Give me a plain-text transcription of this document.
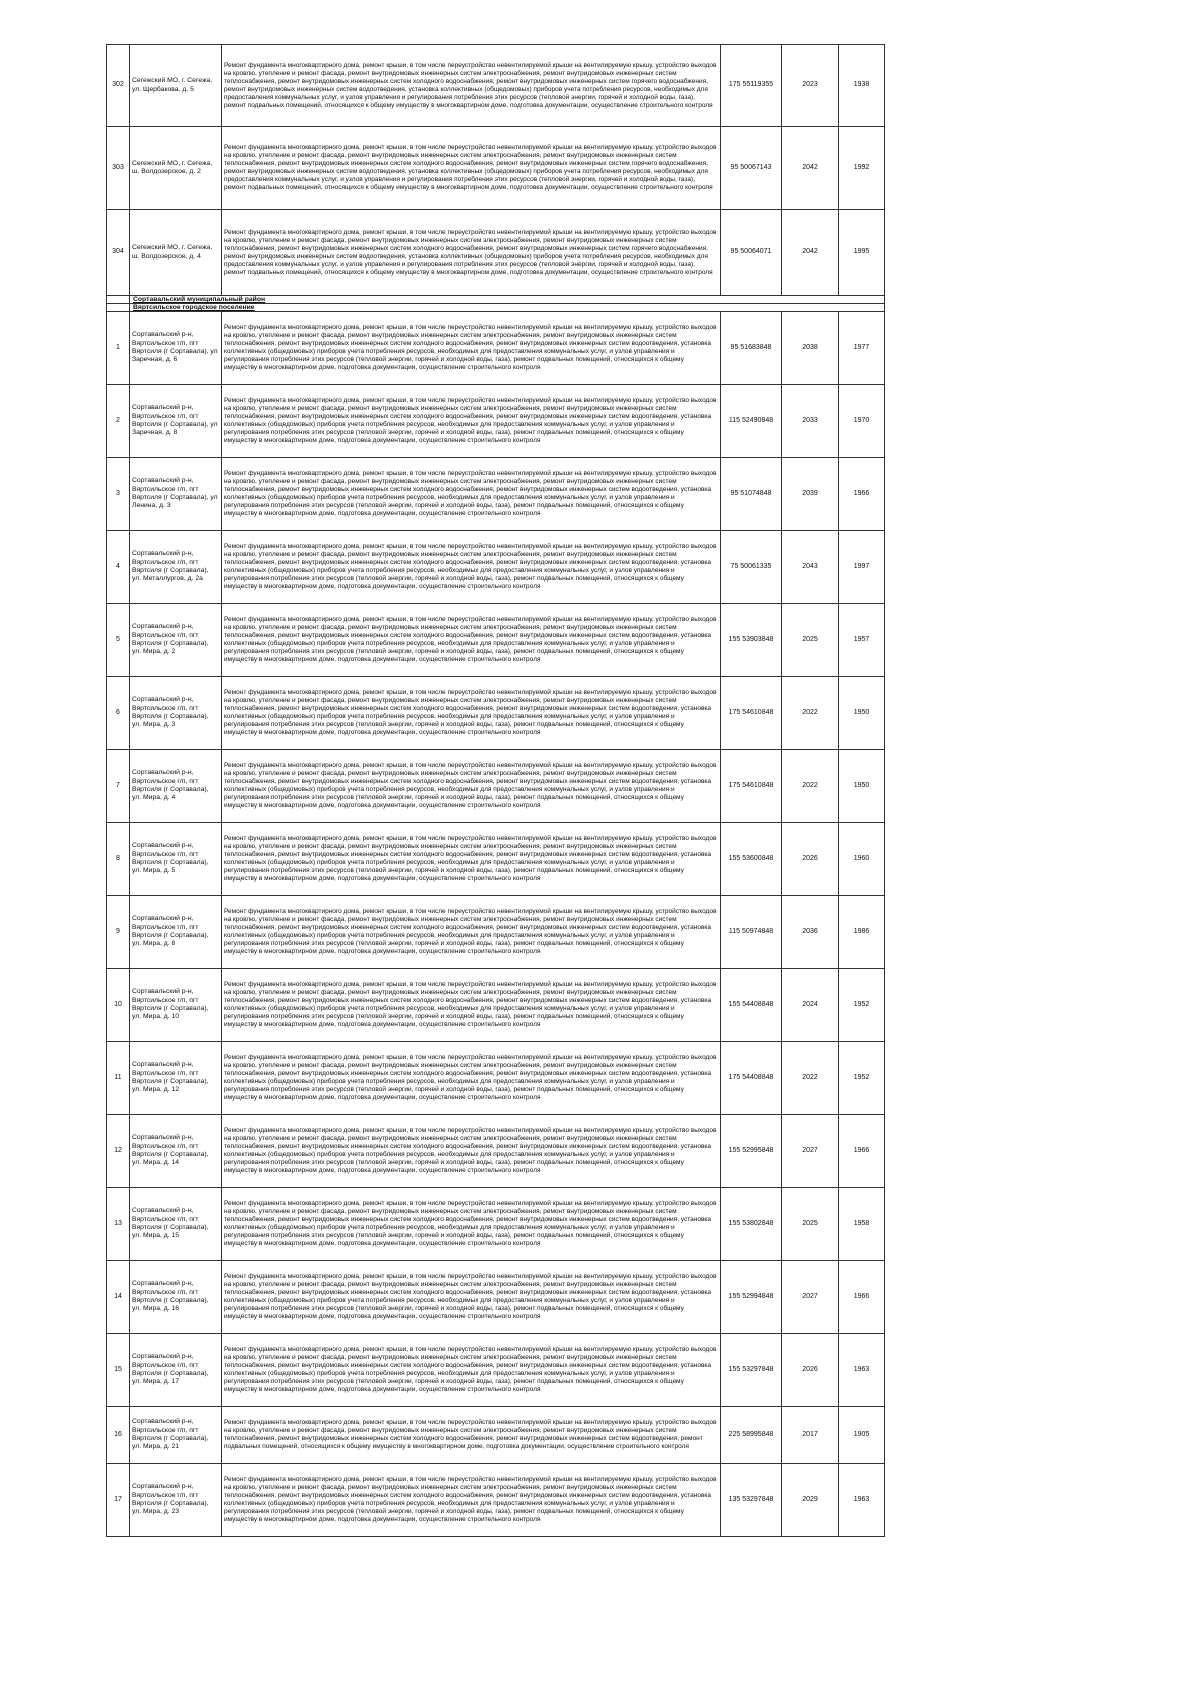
302	Сегежский МО, г. Сегежа, ул. Щербакова, д. 5	Ремонт фундамента многоквартирного дома, ремонт крыши, в том числе переустройство невентилируемой крыши на вентилируемую крышу, устройство выходов на кровлю, утепление и ремонт фасада, ремонт внутридомовых инженерных систем электроснабжения, ремонт внутридомовых инженерных систем теплоснабжения, ремонт внутридомовых инженерных систем холодного водоснабжения, ремонт внутридомовых инженерных систем горячего водоснабжения, ремонт внутридомовых инженерных систем водоотведения, установка коллективных (общедомовых) приборов учета потребления ресурсов, необходимых для предоставления коммунальных услуг, и узлов управления и регулирования потребления этих ресурсов (тепловой энергии, горячей и холодной воды, газа), ремонт подвальных помещений, относящихся к общему имуществу в многоквартирном доме, подготовка документации, осуществление строительного контроля	175 55119355	2023	1938
303	Сегежский МО, г. Сегежа, ш. Волдозерское, д. 2	Ремонт фундамента многоквартирного дома, ремонт крыши, в том числе переустройство невентилируемой крыши на вентилируемую крышу, устройство выходов на кровлю, утепление и ремонт фасада, ремонт внутридомовых инженерных систем электроснабжения, ремонт внутридомовых инженерных систем теплоснабжения, ремонт внутридомовых инженерных систем холодного водоснабжения, ремонт внутридомовых инженерных систем горячего водоснабжения, ремонт внутридомовых инженерных систем водоотведения, установка коллективных (общедомовых) приборов учета потребления ресурсов, необходимых для предоставления коммунальных услуг, и узлов управления и регулирования потребления этих ресурсов (тепловой энергии, горячей и холодной воды, газа), ремонт подвальных помещений, относящихся к общему имуществу в многоквартирном доме, подготовка документации, осуществление строительного контроля	95 50067143	2042	1992
304	Сегежский МО, г. Сегежа, ш. Волдозерское, д. 4	Ремонт фундамента многоквартирного дома, ремонт крыши, в том числе переустройство невентилируемой крыши на вентилируемую крышу, устройство выходов на кровлю, утепление и ремонт фасада, ремонт внутридомовых инженерных систем электроснабжения, ремонт внутридомовых инженерных систем теплоснабжения, ремонт внутридомовых инженерных систем холодного водоснабжения, ремонт внутридомовых инженерных систем горячего водоснабжения, ремонт внутридомовых инженерных систем водоотведения, установка коллективных (общедомовых) приборов учета потребления ресурсов, необходимых для предоставления коммунальных услуг, и узлов управления и регулирования потребления этих ресурсов (тепловой энергии, горячей и холодной воды, газа), ремонт подвальных помещений, относящихся к общему имуществу в многоквартирном доме, подготовка документации, осуществление строительного контроля	95 50064071	2042	1995
	Сортавальский муниципальный район				
	Вяртсильское городское поселение				
1	Сортавальский р-н, Вяртсильское г/п, пгт Вяртсиля (г Сортавала), ул Заречная, д. 6	Ремонт фундамента многоквартирного дома, ремонт крыши, в том числе переустройство невентилируемой крыши на вентилируемую крышу, устройство выходов на кровлю, утепление и ремонт фасада, ремонт внутридомовых инженерных систем электроснабжения, ремонт внутридомовых инженерных систем теплоснабжения, ремонт внутридомовых инженерных систем холодного водоснабжения, ремонт внутридомовых инженерных систем водоотведения, установка коллективных (общедомовых) приборов учета потребления ресурсов, необходимых для предоставления коммунальных услуг, и узлов управления и регулирования потребления этих ресурсов (тепловой энергии, горячей и холодной воды, газа), ремонт подвальных помещений, относящихся к общему имуществу в многоквартирном доме, подготовка документации, осуществление строительного контроля	95 51683848	2038	1977
2	Сортавальский р-н, Вяртсильское г/п, пгт Вяртсиля (г Сортавала), ул Заречная, д. 8	Ремонт фундамента многоквартирного дома, ремонт крыши, в том числе переустройство невентилируемой крыши на вентилируемую крышу, устройство выходов на кровлю, утепление и ремонт фасада, ремонт внутридомовых инженерных систем электроснабжения, ремонт внутридомовых инженерных систем теплоснабжения, ремонт внутридомовых инженерных систем холодного водоснабжения, ремонт внутридомовых инженерных систем водоотведения, установка коллективных (общедомовых) приборов учета потребления ресурсов, необходимых для предоставления коммунальных услуг, и узлов управления и регулирования потребления этих ресурсов (тепловой энергии, горячей и холодной воды, газа), ремонт подвальных помещений, относящихся к общему имуществу в многоквартирном доме, подготовка документации, осуществление строительного контроля	115 52490848	2033	1970
3	Сортавальский р-н, Вяртсильское г/п, пгт Вяртсиля (г Сортавала), ул Ленина, д. 3	Ремонт фундамента многоквартирного дома, ремонт крыши, в том числе переустройство невентилируемой крыши на вентилируемую крышу, устройство выходов на кровлю, утепление и ремонт фасада, ремонт внутридомовых инженерных систем электроснабжения, ремонт внутридомовых инженерных систем теплоснабжения, ремонт внутридомовых инженерных систем холодного водоснабжения, ремонт внутридомовых инженерных систем водоотведения, установка коллективных (общедомовых) приборов учета потребления ресурсов, необходимых для предоставления коммунальных услуг, и узлов управления и регулирования потребления этих ресурсов (тепловой энергии, горячей и холодной воды, газа), ремонт подвальных помещений, относящихся к общему имуществу в многоквартирном доме, подготовка документации, осуществление строительного контроля	95 51074848	2039	1966
4	Сортавальский р-н, Вяртсильское г/п, пгт Вяртсиля (г Сортавала), ул. Металлургов, д. 2а	Ремонт фундамента многоквартирного дома, ремонт крыши, в том числе переустройство невентилируемой крыши на вентилируемую крышу, устройство выходов на кровлю, утепление и ремонт фасада, ремонт внутридомовых инженерных систем электроснабжения, ремонт внутридомовых инженерных систем теплоснабжения, ремонт внутридомовых инженерных систем холодного водоснабжения, ремонт внутридомовых инженерных систем водоотведения, установка коллективных (общедомовых) приборов учета потребления ресурсов, необходимых для предоставления коммунальных услуг, и узлов управления и регулирования потребления этих ресурсов (тепловой энергии, горячей и холодной воды, газа), ремонт подвальных помещений, относящихся к общему имуществу в многоквартирном доме, подготовка документации, осуществление строительного контроля	75 50061335	2043	1997
5	Сортавальский р-н, Вяртсильское г/п, пгт Вяртсиля (г Сортавала), ул. Мира, д. 2	Ремонт фундамента многоквартирного дома, ремонт крыши, в том числе переустройство невентилируемой крыши на вентилируемую крышу, устройство выходов на кровлю, утепление и ремонт фасада, ремонт внутридомовых инженерных систем электроснабжения, ремонт внутридомовых инженерных систем теплоснабжения, ремонт внутридомовых инженерных систем холодного водоснабжения, ремонт внутридомовых инженерных систем водоотведения, установка коллективных (общедомовых) приборов учета потребления ресурсов, необходимых для предоставления коммунальных услуг, и узлов управления и регулирования потребления этих ресурсов (тепловой энергии, горячей и холодной воды, газа), ремонт подвальных помещений, относящихся к общему имуществу в многоквартирном доме, подготовка документации, осуществление строительного контроля	155 53903848	2025	1957
6	Сортавальский р-н, Вяртсильское г/п, пгт Вяртсиля (г Сортавала), ул. Мира, д. 3	Ремонт фундамента многоквартирного дома, ремонт крыши, в том числе переустройство невентилируемой крыши на вентилируемую крышу, устройство выходов на кровлю, утепление и ремонт фасада, ремонт внутридомовых инженерных систем электроснабжения, ремонт внутридомовых инженерных систем теплоснабжения, ремонт внутридомовых инженерных систем холодного водоснабжения, ремонт внутридомовых инженерных систем водоотведения, установка коллективных (общедомовых) приборов учета потребления ресурсов, необходимых для предоставления коммунальных услуг, и узлов управления и регулирования потребления этих ресурсов (тепловой энергии, горячей и холодной воды, газа), ремонт подвальных помещений, относящихся к общему имуществу в многоквартирном доме, подготовка документации, осуществление строительного контроля	175 54610848	2022	1950
7	Сортавальский р-н, Вяртсильское г/п, пгт Вяртсиля (г Сортавала), ул. Мира, д. 4	Ремонт фундамента многоквартирного дома, ремонт крыши, в том числе переустройство невентилируемой крыши на вентилируемую крышу, устройство выходов на кровлю, утепление и ремонт фасада, ремонт внутридомовых инженерных систем электроснабжения, ремонт внутридомовых инженерных систем теплоснабжения, ремонт внутридомовых инженерных систем холодного водоснабжения, ремонт внутридомовых инженерных систем водоотведения, установка коллективных (общедомовых) приборов учета потребления ресурсов, необходимых для предоставления коммунальных услуг, и узлов управления и регулирования потребления этих ресурсов (тепловой энергии, горячей и холодной воды, газа), ремонт подвальных помещений, относящихся к общему имуществу в многоквартирном доме, подготовка документации, осуществление строительного контроля	175 54610848	2022	1950
8	Сортавальский р-н, Вяртсильское г/п, пгт Вяртсиля (г Сортавала), ул. Мира, д. 5	Ремонт фундамента многоквартирного дома, ремонт крыши, в том числе переустройство невентилируемой крыши на вентилируемую крышу, устройство выходов на кровлю, утепление и ремонт фасада, ремонт внутридомовых инженерных систем электроснабжения, ремонт внутридомовых инженерных систем теплоснабжения, ремонт внутридомовых инженерных систем холодного водоснабжения, ремонт внутридомовых инженерных систем водоотведения, установка коллективных (общедомовых) приборов учета потребления ресурсов, необходимых для предоставления коммунальных услуг, и узлов управления и регулирования потребления этих ресурсов (тепловой энергии, горячей и холодной воды, газа), ремонт подвальных помещений, относящихся к общему имуществу в многоквартирном доме, подготовка документации, осуществление строительного контроля	155 53600848	2026	1960
9	Сортавальский р-н, Вяртсильское г/п, пгт Вяртсиля (г Сортавала), ул. Мира, д. 8	Ремонт фундамента многоквартирного дома, ремонт крыши, в том числе переустройство невентилируемой крыши на вентилируемую крышу, устройство выходов на кровлю, утепление и ремонт фасада, ремонт внутридомовых инженерных систем электроснабжения, ремонт внутридомовых инженерных систем теплоснабжения, ремонт внутридомовых инженерных систем холодного водоснабжения, ремонт внутридомовых инженерных систем водоотведения, установка коллективных (общедомовых) приборов учета потребления ресурсов, необходимых для предоставления коммунальных услуг, и узлов управления и регулирования потребления этих ресурсов (тепловой энергии, горячей и холодной воды, газа), ремонт подвальных помещений, относящихся к общему имуществу в многоквартирном доме, подготовка документации, осуществление строительного контроля	115 50974848	2036	1986
10	Сортавальский р-н, Вяртсильское г/п, пгт Вяртсиля (г Сортавала), ул. Мира, д. 10	Ремонт фундамента многоквартирного дома, ремонт крыши, в том числе переустройство невентилируемой крыши на вентилируемую крышу, устройство выходов на кровлю, утепление и ремонт фасада, ремонт внутридомовых инженерных систем электроснабжения, ремонт внутридомовых инженерных систем теплоснабжения, ремонт внутридомовых инженерных систем холодного водоснабжения, ремонт внутридомовых инженерных систем водоотведения, установка коллективных (общедомовых) приборов учета потребления ресурсов, необходимых для предоставления коммунальных услуг, и узлов управления и регулирования потребления этих ресурсов (тепловой энергии, горячей и холодной воды, газа), ремонт подвальных помещений, относящихся к общему имуществу в многоквартирном доме, подготовка документации, осуществление строительного контроля	155 54408848	2024	1952
11	Сортавальский р-н, Вяртсильское г/п, пгт Вяртсиля (г Сортавала), ул. Мира, д. 12	Ремонт фундамента многоквартирного дома, ремонт крыши, в том числе переустройство невентилируемой крыши на вентилируемую крышу, устройство выходов на кровлю, утепление и ремонт фасада, ремонт внутридомовых инженерных систем электроснабжения, ремонт внутридомовых инженерных систем теплоснабжения, ремонт внутридомовых инженерных систем холодного водоснабжения, ремонт внутридомовых инженерных систем водоотведения, установка коллективных (общедомовых) приборов учета потребления ресурсов, необходимых для предоставления коммунальных услуг, и узлов управления и регулирования потребления этих ресурсов (тепловой энергии, горячей и холодной воды, газа), ремонт подвальных помещений, относящихся к общему имуществу в многоквартирном доме, подготовка документации, осуществление строительного контроля	175 54408848	2022	1952
12	Сортавальский р-н, Вяртсильское г/п, пгт Вяртсиля (г Сортавала), ул. Мира, д. 14	Ремонт фундамента многоквартирного дома, ремонт крыши, в том числе переустройство невентилируемой крыши на вентилируемую крышу, устройство выходов на кровлю, утепление и ремонт фасада, ремонт внутридомовых инженерных систем электроснабжения, ремонт внутридомовых инженерных систем теплоснабжения, ремонт внутридомовых инженерных систем холодного водоснабжения, ремонт внутридомовых инженерных систем водоотведения, установка коллективных (общедомовых) приборов учета потребления ресурсов, необходимых для предоставления коммунальных услуг, и узлов управления и регулирования потребления этих ресурсов (тепловой энергии, горячей и холодной воды, газа), ремонт подвальных помещений, относящихся к общему имуществу в многоквартирном доме, подготовка документации, осуществление строительного контроля	155 52995848	2027	1966
13	Сортавальский р-н, Вяртсильское г/п, пгт Вяртсиля (г Сортавала), ул. Мира, д. 15	Ремонт фундамента многоквартирного дома, ремонт крыши, в том числе переустройство невентилируемой крыши на вентилируемую крышу, устройство выходов на кровлю, утепление и ремонт фасада, ремонт внутридомовых инженерных систем электроснабжения, ремонт внутридомовых инженерных систем теплоснабжения, ремонт внутридомовых инженерных систем холодного водоснабжения, ремонт внутридомовых инженерных систем водоотведения, установка коллективных (общедомовых) приборов учета потребления ресурсов, необходимых для предоставления коммунальных услуг, и узлов управления и регулирования потребления этих ресурсов (тепловой энергии, горячей и холодной воды, газа), ремонт подвальных помещений, относящихся к общему имуществу в многоквартирном доме, подготовка документации, осуществление строительного контроля	155 53802848	2025	1958
14	Сортавальский р-н, Вяртсильское г/п, пгт Вяртсиля (г Сортавала), ул. Мира, д. 16	Ремонт фундамента многоквартирного дома, ремонт крыши, в том числе переустройство невентилируемой крыши на вентилируемую крышу, устройство выходов на кровлю, утепление и ремонт фасада, ремонт внутридомовых инженерных систем электроснабжения, ремонт внутридомовых инженерных систем теплоснабжения, ремонт внутридомовых инженерных систем холодного водоснабжения, ремонт внутридомовых инженерных систем водоотведения, установка коллективных (общедомовых) приборов учета потребления ресурсов, необходимых для предоставления коммунальных услуг, и узлов управления и регулирования потребления этих ресурсов (тепловой энергии, горячей и холодной воды, газа), ремонт подвальных помещений, относящихся к общему имуществу в многоквартирном доме, подготовка документации, осуществление строительного контроля	155 52994848	2027	1966
15	Сортавальский р-н, Вяртсильское г/п, пгт Вяртсиля (г Сортавала), ул. Мира, д. 17	Ремонт фундамента многоквартирного дома, ремонт крыши, в том числе переустройство невентилируемой крыши на вентилируемую крышу, устройство выходов на кровлю, утепление и ремонт фасада, ремонт внутридомовых инженерных систем электроснабжения, ремонт внутридомовых инженерных систем теплоснабжения, ремонт внутридомовых инженерных систем холодного водоснабжения, ремонт внутридомовых инженерных систем водоотведения, установка коллективных (общедомовых) приборов учета потребления ресурсов, необходимых для предоставления коммунальных услуг, и узлов управления и регулирования потребления этих ресурсов (тепловой энергии, горячей и холодной воды, газа), ремонт подвальных помещений, относящихся к общему имуществу в многоквартирном доме, подготовка документации, осуществление строительного контроля	155 53297848	2026	1963
16	Сортавальский р-н, Вяртсильское г/п, пгт Вяртсиля (г Сортавала), ул. Мира, д. 21	Ремонт фундамента многоквартирного дома, ремонт крыши, в том числе переустройство невентилируемой крыши на вентилируемую крышу, устройство выходов на кровлю, утепление и ремонт фасада, ремонт внутридомовых инженерных систем электроснабжения, ремонт внутридомовых инженерных систем теплоснабжения, ремонт внутридомовых инженерных систем холодного водоснабжения, ремонт внутридомовых инженерных систем водоотведения, ремонт подвальных помещений, относящихся к общему имуществу в многоквартирном доме, подготовка документации, осуществление строительного контроля	225 58995848	2017	1905
17	Сортавальский р-н, Вяртсильское г/п, пгт Вяртсиля (г Сортавала), ул. Мира, д. 23	Ремонт фундамента многоквартирного дома, ремонт крыши, в том числе переустройство невентилируемой крыши на вентилируемую крышу, устройство выходов на кровлю, утепление и ремонт фасада, ремонт внутридомовых инженерных систем электроснабжения, ремонт внутридомовых инженерных систем теплоснабжения, ремонт внутридомовых инженерных систем холодного водоснабжения, ремонт внутридомовых инженерных систем водоотведения, установка коллективных (общедомовых) приборов учета потребления ресурсов, необходимых для предоставления коммунальных услуг, и узлов управления и регулирования потребления этих ресурсов (тепловой энергии, горячей и холодной воды, газа), ремонт подвальных помещений, относящихся к общему имуществу в многоквартирном доме, подготовка документации, осуществление строительного контроля	135 53297848	2029	1963
